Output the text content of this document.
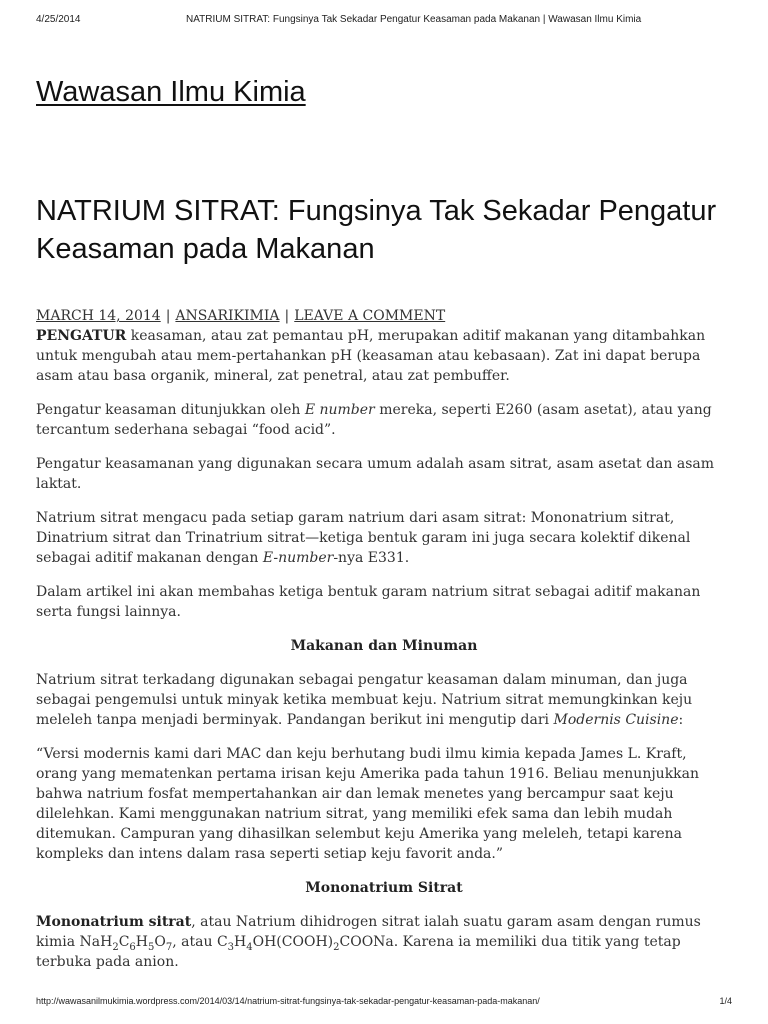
4/25/2014	NATRIUM SITRAT: Fungsinya Tak Sekadar Pengatur Keasaman pada Makanan | Wawasan Ilmu Kimia
Wawasan Ilmu Kimia
NATRIUM SITRAT: Fungsinya Tak Sekadar Pengatur Keasaman pada Makanan
MARCH 14, 2014 | ANSARIKIMIA | LEAVE A COMMENT

PENGATUR keasaman, atau zat pemantau pH, merupakan aditif makanan yang ditambahkan untuk mengubah atau mem-pertahankan pH (keasaman atau kebasaan). Zat ini dapat berupa asam atau basa organik, mineral, zat penetral, atau zat pembuffer.

Pengatur keasaman ditunjukkan oleh E number mereka, seperti E260 (asam asetat), atau yang tercantum sederhana sebagai “food acid”.

Pengatur keasamanan yang digunakan secara umum adalah asam sitrat, asam asetat dan asam laktat.

Natrium sitrat mengacu pada setiap garam natrium dari asam sitrat: Mononatrium sitrat, Dinatrium sitrat dan Trinatrium sitrat—ketiga bentuk garam ini juga secara kolektif dikenal sebagai aditif makanan dengan E-number-nya E331.

Dalam artikel ini akan membahas ketiga bentuk garam natrium sitrat sebagai aditif makanan serta fungsi lainnya.

Makanan dan Minuman

Natrium sitrat terkadang digunakan sebagai pengatur keasaman dalam minuman, dan juga sebagai pengemulsi untuk minyak ketika membuat keju. Natrium sitrat memungkinkan keju meleleh tanpa menjadi berminyak. Pandangan berikut ini mengutip dari Modernis Cuisine:

“Versi modernis kami dari MAC dan keju berhutang budi ilmu kimia kepada James L. Kraft, orang yang mematenkan pertama irisan keju Amerika pada tahun 1916. Beliau menunjukkan bahwa natrium fosfat mempertahankan air dan lemak menetes yang bercampur saat keju dilelehkan. Kami menggunakan natrium sitrat, yang memiliki efek sama dan lebih mudah ditemukan. Campuran yang dihasilkan selembut keju Amerika yang meleleh, tetapi karena kompleks dan intens dalam rasa seperti setiap keju favorit anda.”

Mononatrium Sitrat

Mononatrium sitrat, atau Natrium dihidrogen sitrat ialah suatu garam asam dengan rumus kimia $NaH_2C_6H_5O_7$, atau $C_3H_4OH(COOH)_2COONa$. Karena ia memiliki dua titik yang tetap terbuka pada anion.

http://wawasanilmukimia.wordpress.com/2014/03/14/natrium-sitrat-fungsinya-tak-sekadar-pengatur-keasaman-pada-makanan/	1/4
